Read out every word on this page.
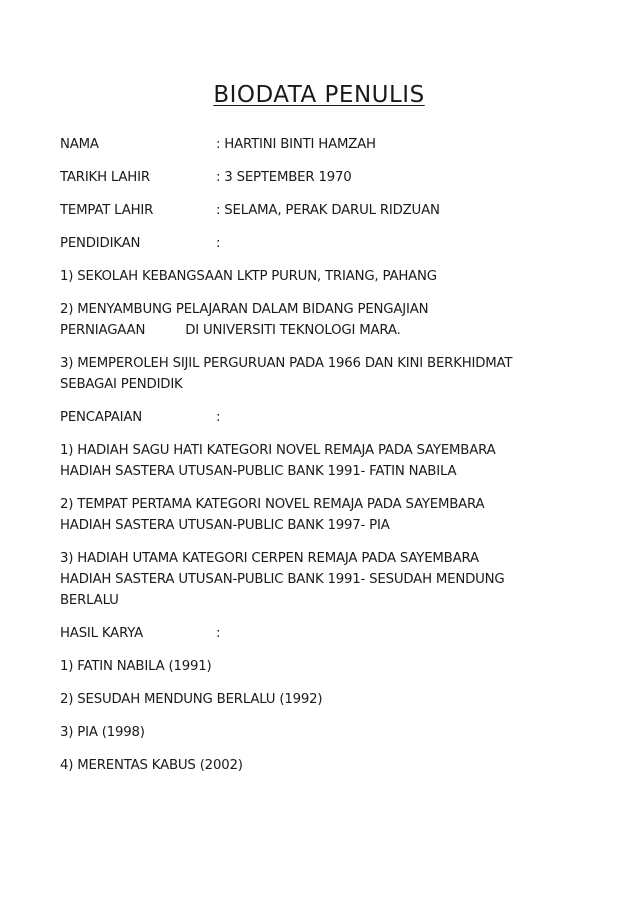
BIODATA PENULIS
NAMA	: HARTINI BINTI HAMZAH
TARIKH LAHIR	: 3 SEPTEMBER 1970
TEMPAT LAHIR	: SELAMA, PERAK DARUL RIDZUAN
PENDIDIKAN	:
1) SEKOLAH KEBANGSAAN LKTP PURUN, TRIANG, PAHANG
2) MENYAMBUNG PELAJARAN DALAM BIDANG PENGAJIAN
PERNIAGAAN	DI UNIVERSITI TEKNOLOGI MARA.
3) MEMPEROLEH SIJIL PERGURUAN PADA 1966 DAN KINI BERKHIDMAT
SEBAGAI PENDIDIK
PENCAPAIAN	:
1) HADIAH SAGU HATI KATEGORI NOVEL REMAJA PADA SAYEMBARA
HADIAH SASTERA UTUSAN-PUBLIC BANK 1991- FATIN NABILA
2) TEMPAT PERTAMA KATEGORI NOVEL REMAJA PADA SAYEMBARA
HADIAH SASTERA UTUSAN-PUBLIC BANK 1997- PIA
3) HADIAH UTAMA KATEGORI CERPEN REMAJA PADA SAYEMBARA
HADIAH SASTERA UTUSAN-PUBLIC BANK 1991- SESUDAH MENDUNG
BERLALU
HASIL KARYA	:
1) FATIN NABILA (1991)
2) SESUDAH MENDUNG BERLALU (1992)
3) PIA (1998)
4) MERENTAS KABUS (2002)
